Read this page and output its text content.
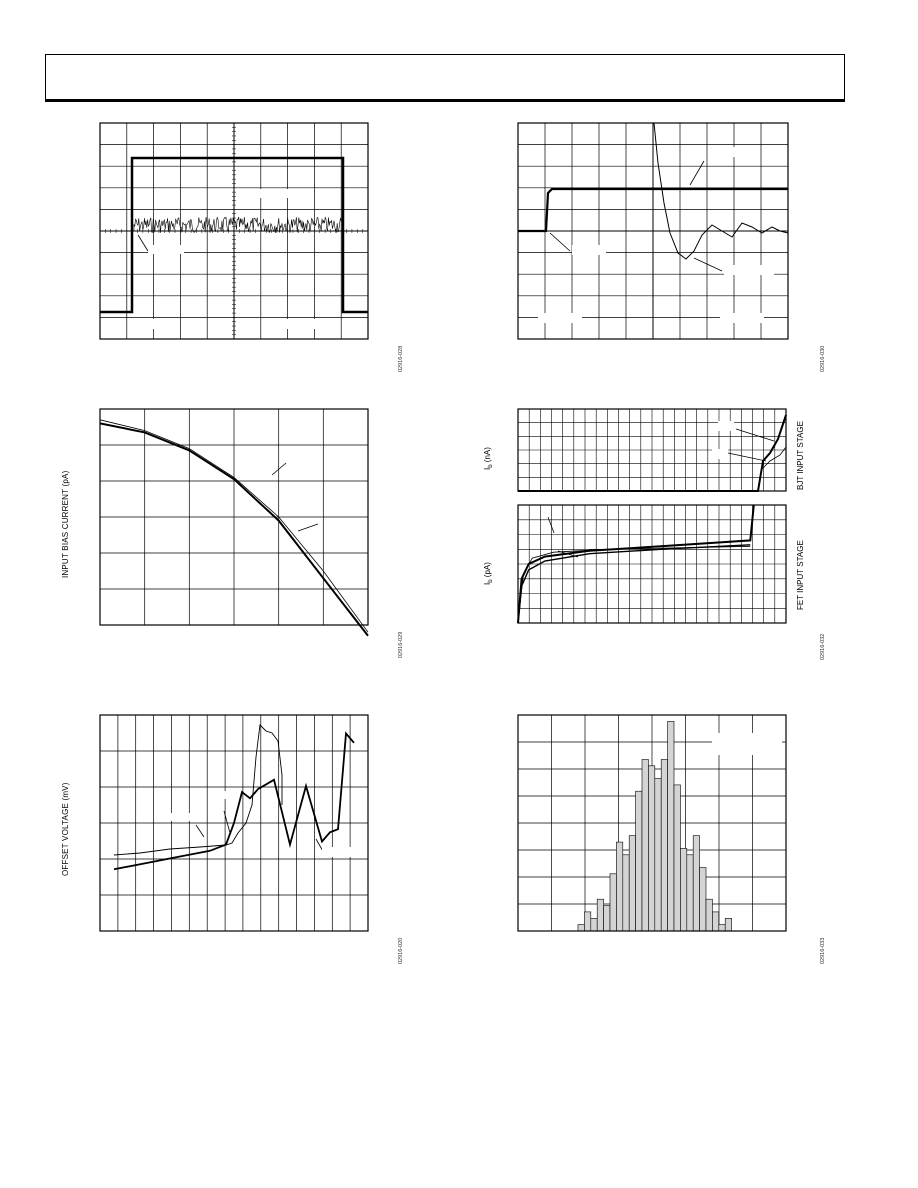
02916-028	02916-030
INPUT BIAS CURRENT (pA)
02916-029
$I_b$ (nA)
$I_b$ (pA)
BJT INPUT STAGE
FET INPUT STAGE
02916-032
OFFSET VOLTAGE (mV)
02916-020	02916-033
